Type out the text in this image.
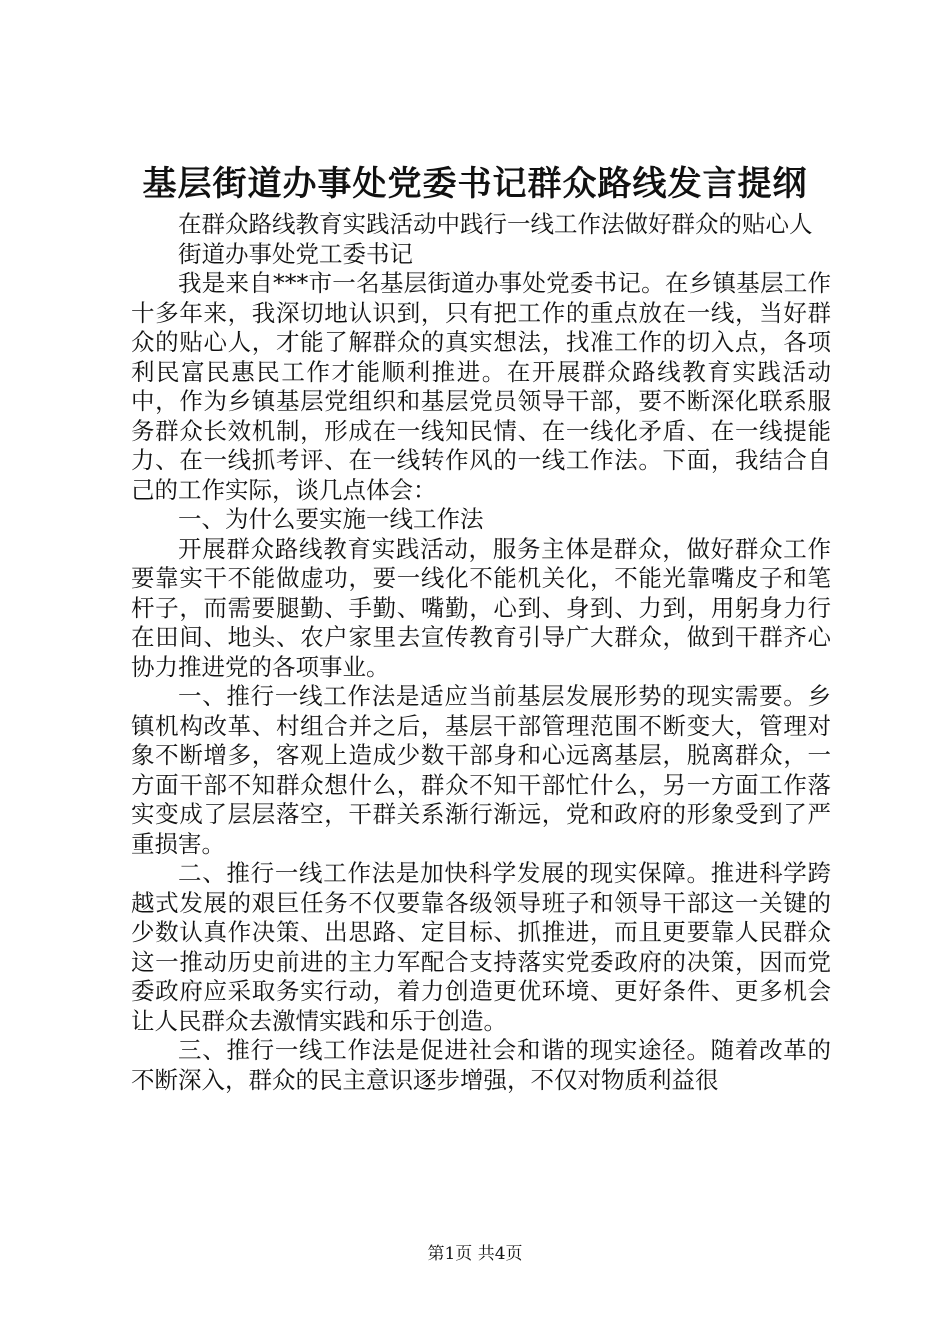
基层街道办事处党委书记群众路线发言提纲

在群众路线教育实践活动中践行一线工作法做好群众的贴心人

街道办事处党工委书记

我是来自***市一名基层街道办事处党委书记。在乡镇基层工作十多年来，我深切地认识到，只有把工作的重点放在一线，当好群众的贴心人，才能了解群众的真实想法，找准工作的切入点，各项利民富民惠民工作才能顺利推进。在开展群众路线教育实践活动中，作为乡镇基层党组织和基层党员领导干部，要不断深化联系服务群众长效机制，形成在一线知民情、在一线化矛盾、在一线提能力、在一线抓考评、在一线转作风的一线工作法。下面，我结合自己的工作实际，谈几点体会：

一、为什么要实施一线工作法

开展群众路线教育实践活动，服务主体是群众，做好群众工作要靠实干不能做虚功，要一线化不能机关化，不能光靠嘴皮子和笔杆子，而需要腿勤、手勤、嘴勤，心到、身到、力到，用躬身力行在田间、地头、农户家里去宣传教育引导广大群众，做到干群齐心协力推进党的各项事业。

一、推行一线工作法是适应当前基层发展形势的现实需要。乡镇机构改革、村组合并之后，基层干部管理范围不断变大，管理对象不断增多，客观上造成少数干部身和心远离基层，脱离群众，一方面干部不知群众想什么，群众不知干部忙什么，另一方面工作落实变成了层层落空，干群关系渐行渐远，党和政府的形象受到了严重损害。

二、推行一线工作法是加快科学发展的现实保障。推进科学跨越式发展的艰巨任务不仅要靠各级领导班子和领导干部这一关键的少数认真作决策、出思路、定目标、抓推进，而且更要靠人民群众这一推动历史前进的主力军配合支持落实党委政府的决策，因而党委政府应采取务实行动，着力创造更优环境、更好条件、更多机会让人民群众去激情实践和乐于创造。

三、推行一线工作法是促进社会和谐的现实途径。随着改革的不断深入，群众的民主意识逐步增强，不仅对物质利益很

第1页 共4页
